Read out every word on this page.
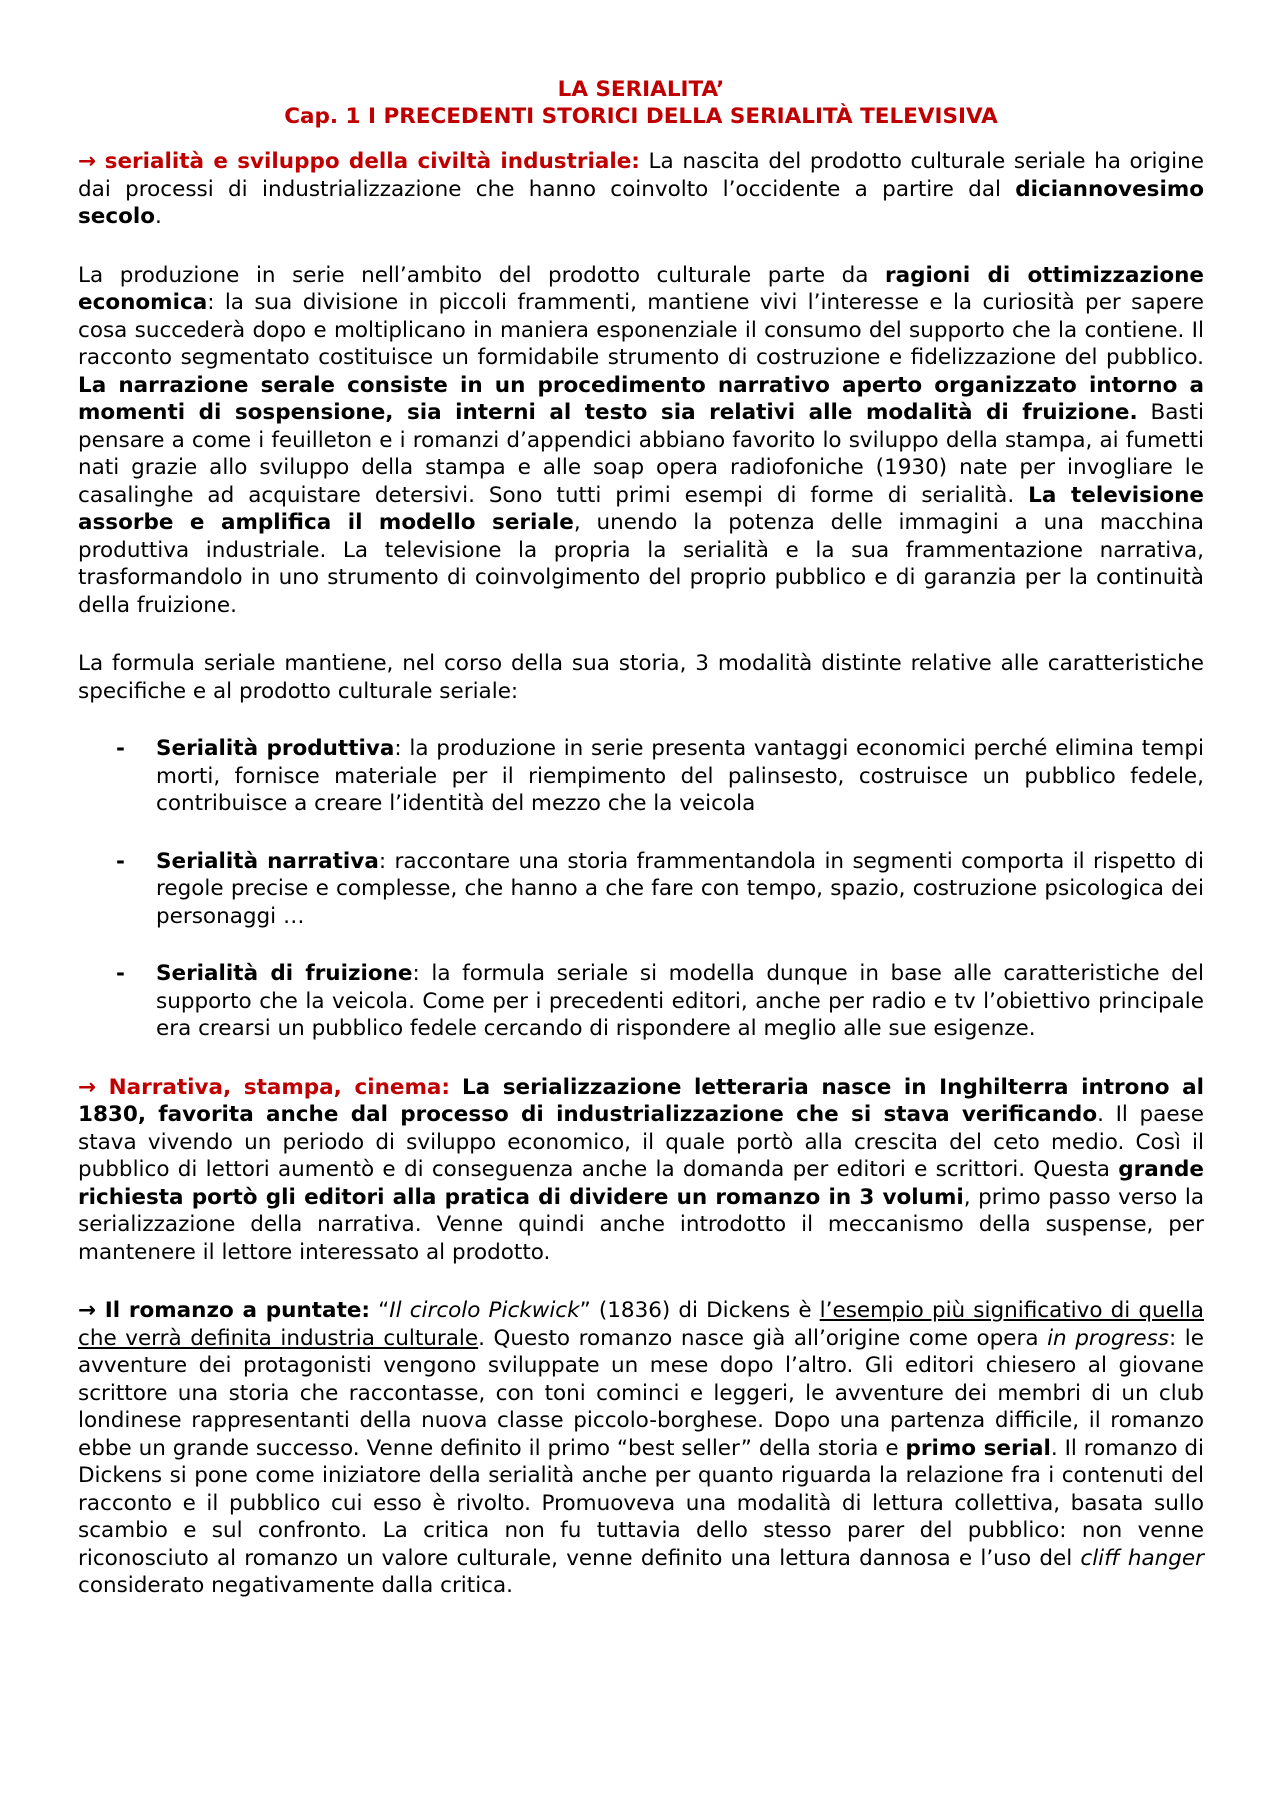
LA SERIALITA’
Cap. 1 I PRECEDENTI STORICI DELLA SERIALITÀ TELEVISIVA

→ serialità e sviluppo della civiltà industriale: La nascita del prodotto culturale seriale ha origine dai processi di industrializzazione che hanno coinvolto l’occidente a partire dal diciannovesimo secolo.

La produzione in serie nell’ambito del prodotto culturale parte da ragioni di ottimizzazione economica: la sua divisione in piccoli frammenti, mantiene vivi l’interesse e la curiosità per sapere cosa succederà dopo e moltiplicano in maniera esponenziale il consumo del supporto che la contiene. Il racconto segmentato costituisce un formidabile strumento di costruzione e fidelizzazione del pubblico. La narrazione serale consiste in un procedimento narrativo aperto organizzato intorno a momenti di sospensione, sia interni al testo sia relativi alle modalità di fruizione. Basti pensare a come i feuilleton e i romanzi d’appendici abbiano favorito lo sviluppo della stampa, ai fumetti nati grazie allo sviluppo della stampa e alle soap opera radiofoniche (1930) nate per invogliare le casalinghe ad acquistare detersivi. Sono tutti primi esempi di forme di serialità. La televisione assorbe e amplifica il modello seriale, unendo la potenza delle immagini a una macchina produttiva industriale. La televisione la propria la serialità e la sua frammentazione narrativa, trasformandolo in uno strumento di coinvolgimento del proprio pubblico e di garanzia per la continuità della fruizione.

La formula seriale mantiene, nel corso della sua storia, 3 modalità distinte relative alle caratteristiche specifiche e al prodotto culturale seriale:

- Serialità produttiva: la produzione in serie presenta vantaggi economici perché elimina tempi morti, fornisce materiale per il riempimento del palinsesto, costruisce un pubblico fedele, contribuisce a creare l’identità del mezzo che la veicola
- Serialità narrativa: raccontare una storia frammentandola in segmenti comporta il rispetto di regole precise e complesse, che hanno a che fare con tempo, spazio, costruzione psicologica dei personaggi …
- Serialità di fruizione: la formula seriale si modella dunque in base alle caratteristiche del supporto che la veicola. Come per i precedenti editori, anche per radio e tv l’obiettivo principale era crearsi un pubblico fedele cercando di rispondere al meglio alle sue esigenze.

→ Narrativa, stampa, cinema: La serializzazione letteraria nasce in Inghilterra introno al 1830, favorita anche dal processo di industrializzazione che si stava verificando. Il paese stava vivendo un periodo di sviluppo economico, il quale portò alla crescita del ceto medio. Così il pubblico di lettori aumentò e di conseguenza anche la domanda per editori e scrittori. Questa grande richiesta portò gli editori alla pratica di dividere un romanzo in 3 volumi, primo passo verso la serializzazione della narrativa. Venne quindi anche introdotto il meccanismo della suspense, per mantenere il lettore interessato al prodotto.

→ Il romanzo a puntate: “Il circolo Pickwick” (1836) di Dickens è l’esempio più significativo di quella che verrà definita industria culturale. Questo romanzo nasce già all’origine come opera in progress: le avventure dei protagonisti vengono sviluppate un mese dopo l’altro. Gli editori chiesero al giovane scrittore una storia che raccontasse, con toni cominci e leggeri, le avventure dei membri di un club londinese rappresentanti della nuova classe piccolo-borghese. Dopo una partenza difficile, il romanzo ebbe un grande successo. Venne definito il primo “best seller” della storia e primo serial. Il romanzo di Dickens si pone come iniziatore della serialità anche per quanto riguarda la relazione fra i contenuti del racconto e il pubblico cui esso è rivolto. Promuoveva una modalità di lettura collettiva, basata sullo scambio e sul confronto. La critica non fu tuttavia dello stesso parer del pubblico: non venne riconosciuto al romanzo un valore culturale, venne definito una lettura dannosa e l’uso del cliff hanger considerato negativamente dalla critica.
